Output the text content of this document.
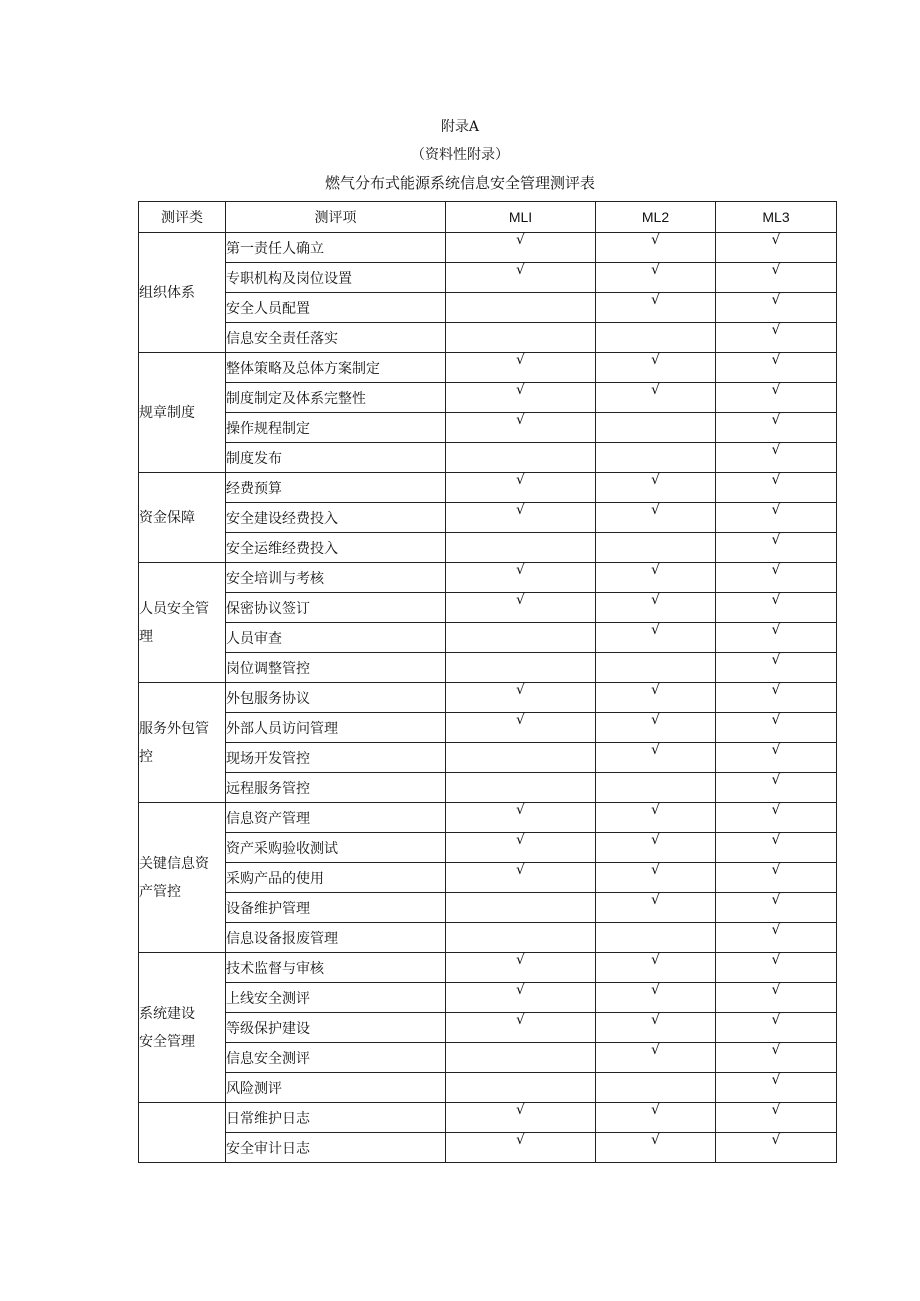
附录A
（资料性附录）
燃气分布式能源系统信息安全管理测评表
测评类	测评项	MLI	ML2	ML3
组织体系	第一责任人确立	√	√	√
	专职机构及岗位设置	√	√	√
	安全人员配置		√	√
	信息安全责任落实			√
规章制度	整体策略及总体方案制定	√	√	√
	制度制定及体系完整性	√	√	√
	操作规程制定	√		√
	制度发布			√
资金保障	经费预算	√	√	√
	安全建设经费投入	√	√	√
	安全运维经费投入			√
人员安全管理	安全培训与考核	√	√	√
	保密协议签订	√	√	√
	人员审查		√	√
	岗位调整管控			√
服务外包管控	外包服务协议	√	√	√
	外部人员访问管理	√	√	√
	现场开发管控		√	√
	远程服务管控			√
关键信息资产管控	信息资产管理	√	√	√
	资产采购验收测试	√	√	√
	采购产品的使用	√	√	√
	设备维护管理		√	√
	信息设备报废管理			√
系统建设安全管理	技术监督与审核	√	√	√
	上线安全测评	√	√	√
	等级保护建设	√	√	√
	信息安全测评		√	√
	风险测评			√
	日常维护日志	√	√	√
	安全审计日志	√	√	√
